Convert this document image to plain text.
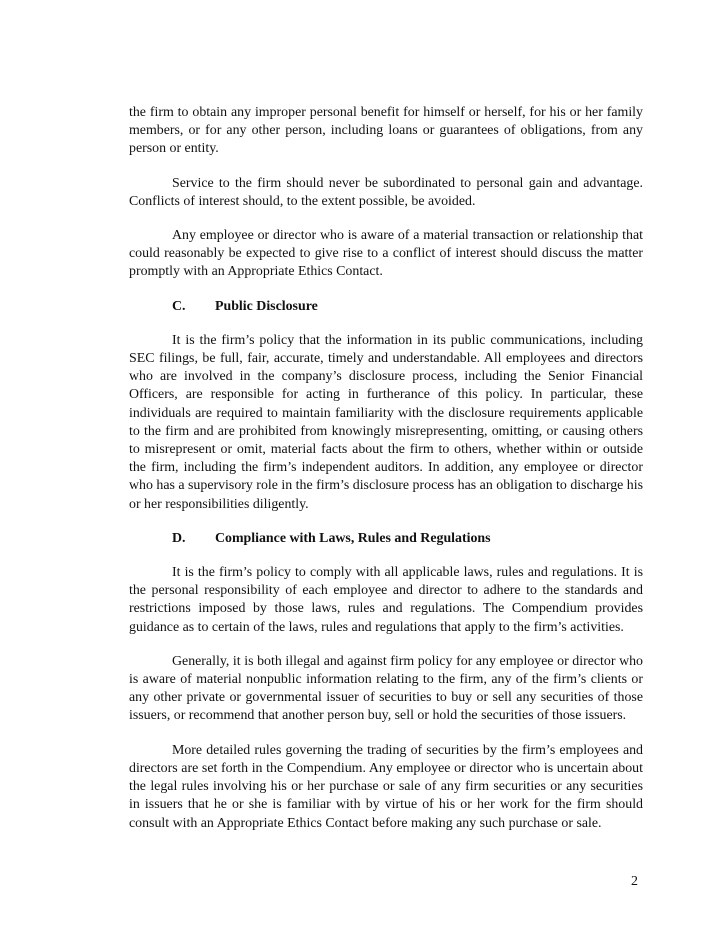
the firm to obtain any improper personal benefit for himself or herself, for his or her family members, or for any other person, including loans or guarantees of obligations, from any person or entity.

Service to the firm should never be subordinated to personal gain and advantage. Conflicts of interest should, to the extent possible, be avoided.

Any employee or director who is aware of a material transaction or relationship that could reasonably be expected to give rise to a conflict of interest should discuss the matter promptly with an Appropriate Ethics Contact.

C.	Public Disclosure

It is the firm’s policy that the information in its public communications, including SEC filings, be full, fair, accurate, timely and understandable. All employees and directors who are involved in the company’s disclosure process, including the Senior Financial Officers, are responsible for acting in furtherance of this policy. In particular, these individuals are required to maintain familiarity with the disclosure requirements applicable to the firm and are prohibited from knowingly misrepresenting, omitting, or causing others to misrepresent or omit, material facts about the firm to others, whether within or outside the firm, including the firm’s independent auditors. In addition, any employee or director who has a supervisory role in the firm’s disclosure process has an obligation to discharge his or her responsibilities diligently.

D.	Compliance with Laws, Rules and Regulations

It is the firm’s policy to comply with all applicable laws, rules and regulations. It is the personal responsibility of each employee and director to adhere to the standards and restrictions imposed by those laws, rules and regulations. The Compendium provides guidance as to certain of the laws, rules and regulations that apply to the firm’s activities.

Generally, it is both illegal and against firm policy for any employee or director who is aware of material nonpublic information relating to the firm, any of the firm’s clients or any other private or governmental issuer of securities to buy or sell any securities of those issuers, or recommend that another person buy, sell or hold the securities of those issuers.

More detailed rules governing the trading of securities by the firm’s employees and directors are set forth in the Compendium. Any employee or director who is uncertain about the legal rules involving his or her purchase or sale of any firm securities or any securities in issuers that he or she is familiar with by virtue of his or her work for the firm should consult with an Appropriate Ethics Contact before making any such purchase or sale.

2
